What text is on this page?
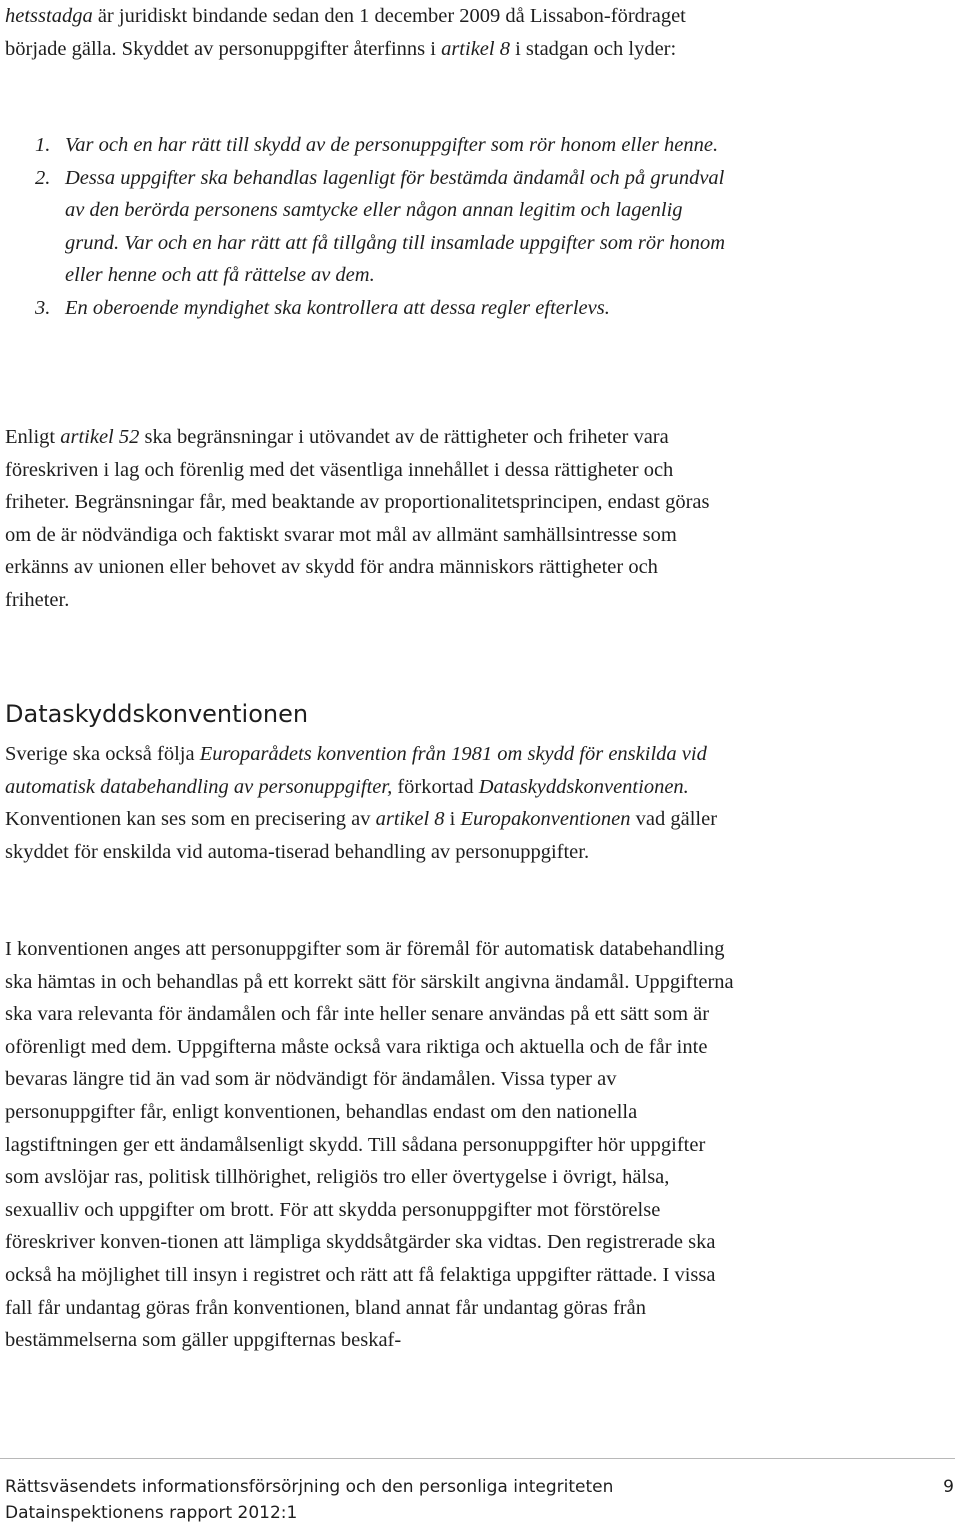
hetsstadga är juridiskt bindande sedan den 1 december 2009 då Lissabon-fördraget började gälla. Skyddet av personuppgifter återfinns i artikel 8 i stadgan och lyder:

1. Var och en har rätt till skydd av de personuppgifter som rör honom eller henne.
2. Dessa uppgifter ska behandlas lagenligt för bestämda ändamål och på grundval av den berörda personens samtycke eller någon annan legitim och lagenlig grund. Var och en har rätt att få tillgång till insamlade uppgifter som rör honom eller henne och att få rättelse av dem.
3. En oberoende myndighet ska kontrollera att dessa regler efterlevs.

Enligt artikel 52 ska begränsningar i utövandet av de rättigheter och friheter vara föreskriven i lag och förenlig med det väsentliga innehållet i dessa rättigheter och friheter. Begränsningar får, med beaktande av proportionalitetsprincipen, endast göras om de är nödvändiga och faktiskt svarar mot mål av allmänt samhällsintresse som erkänns av unionen eller behovet av skydd för andra människors rättigheter och friheter.

Dataskyddskonventionen

Sverige ska också följa Europarådets konvention från 1981 om skydd för enskilda vid automatisk databehandling av personuppgifter, förkortad Dataskyddskonventionen. Konventionen kan ses som en precisering av artikel 8 i Europakonventionen vad gäller skyddet för enskilda vid automa-tiserad behandling av personuppgifter.

I konventionen anges att personuppgifter som är föremål för automatisk databehandling ska hämtas in och behandlas på ett korrekt sätt för särskilt angivna ändamål. Uppgifterna ska vara relevanta för ändamålen och får inte heller senare användas på ett sätt som är oförenligt med dem. Uppgifterna måste också vara riktiga och aktuella och de får inte bevaras längre tid än vad som är nödvändigt för ändamålen. Vissa typer av personuppgifter får, enligt konventionen, behandlas endast om den nationella lagstiftningen ger ett ändamålsenligt skydd. Till sådana personuppgifter hör uppgifter som avslöjar ras, politisk tillhörighet, religiös tro eller övertygelse i övrigt, hälsa, sexualliv och uppgifter om brott. För att skydda personuppgifter mot förstörelse föreskriver konven-tionen att lämpliga skyddsåtgärder ska vidtas. Den registrerade ska också ha möjlighet till insyn i registret och rätt att få felaktiga uppgifter rättade. I vissa fall får undantag göras från konventionen, bland annat får undantag göras från bestämmelserna som gäller uppgifternas beskaf-

Rättsväsendets informationsförsörjning och den personliga integriteten
Datainspektionens rapport 2012:1
9
